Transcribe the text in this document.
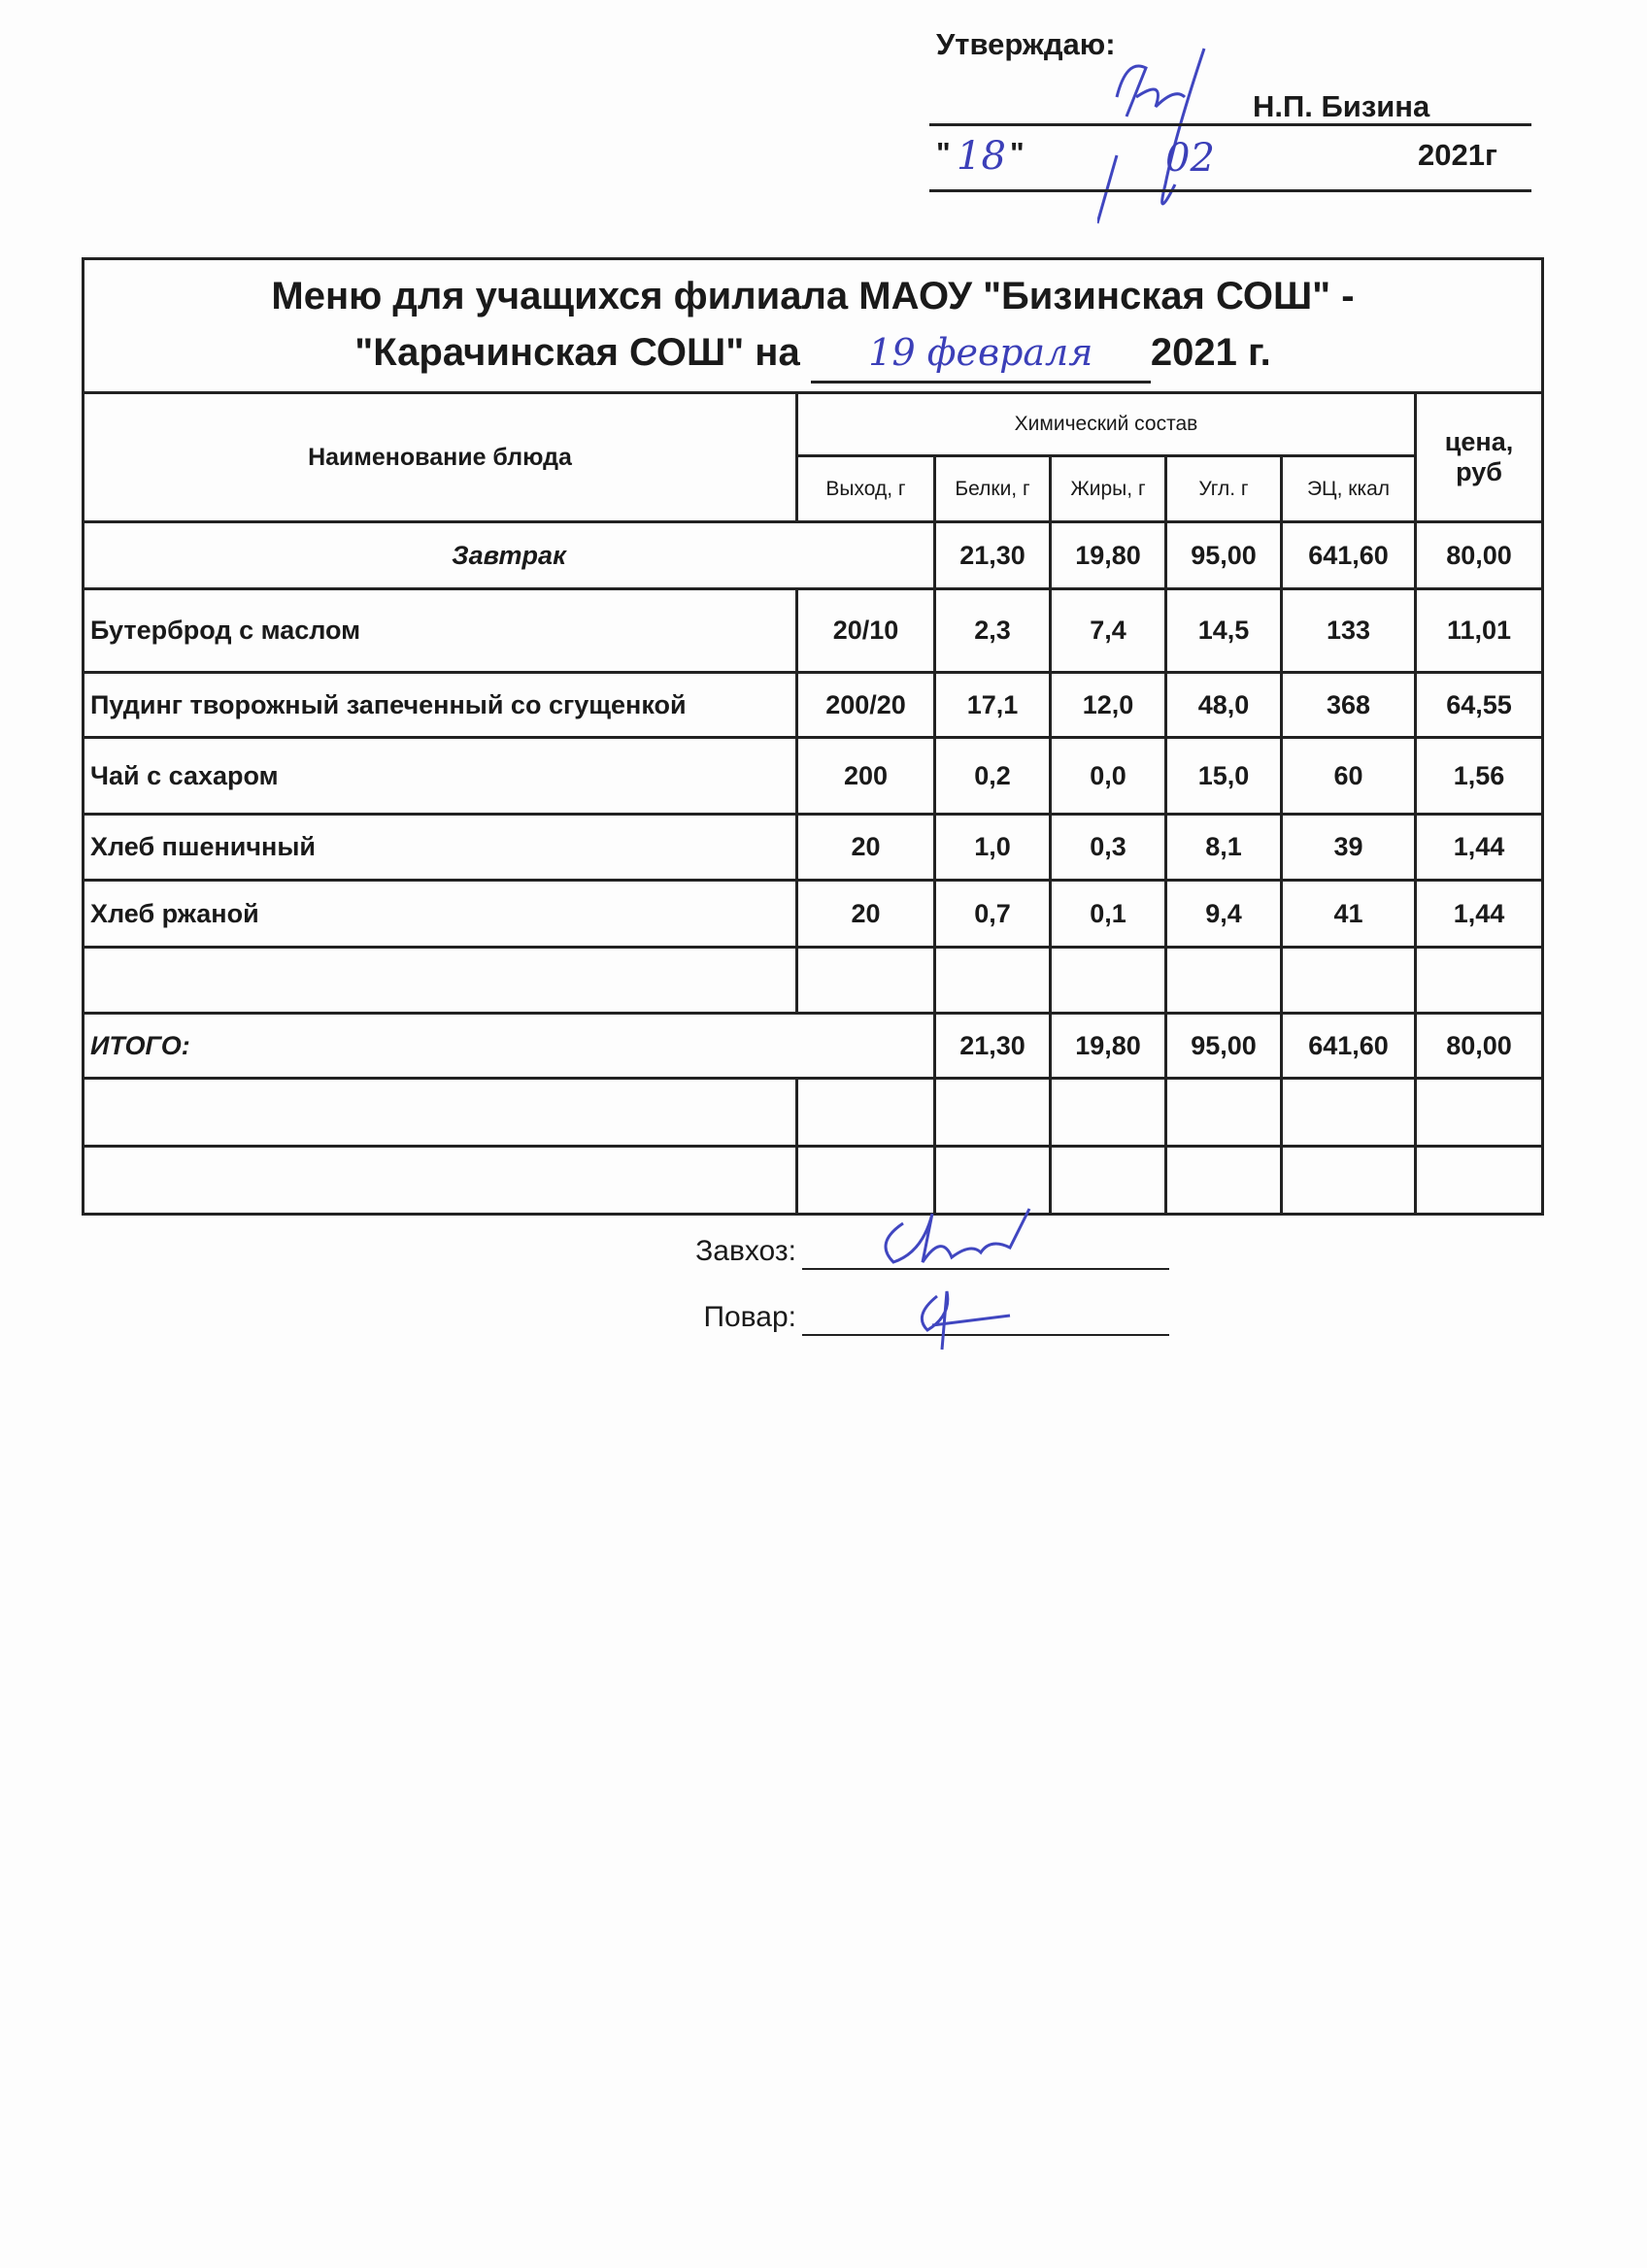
Утверждаю:
Н.П. Бизина
" 18 "	02	2021г
Меню для учащихся филиала МАОУ "Бизинская СОШ" -
"Карачинская СОШ" на 19 февраля 2021 г.						

Наименование блюда	Химический состав					цена, руб
	Выход, г	Белки, г	Жиры, г	Угл. г	ЭЦ, ккал	
Завтрак		21,30	19,80	95,00	641,60	80,00
Бутерброд с маслом	20/10	2,3	7,4	14,5	133	11,01
Пудинг творожный запеченный со сгущенкой	200/20	17,1	12,0	48,0	368	64,55
Чай с сахаром	200	0,2	0,0	15,0	60	1,56
Хлеб пшеничный	20	1,0	0,3	8,1	39	1,44
Хлеб ржаной	20	0,7	0,1	9,4	41	1,44

ИТОГО:		21,30	19,80	95,00	641,60	80,00

Завхоз:
Повар:
